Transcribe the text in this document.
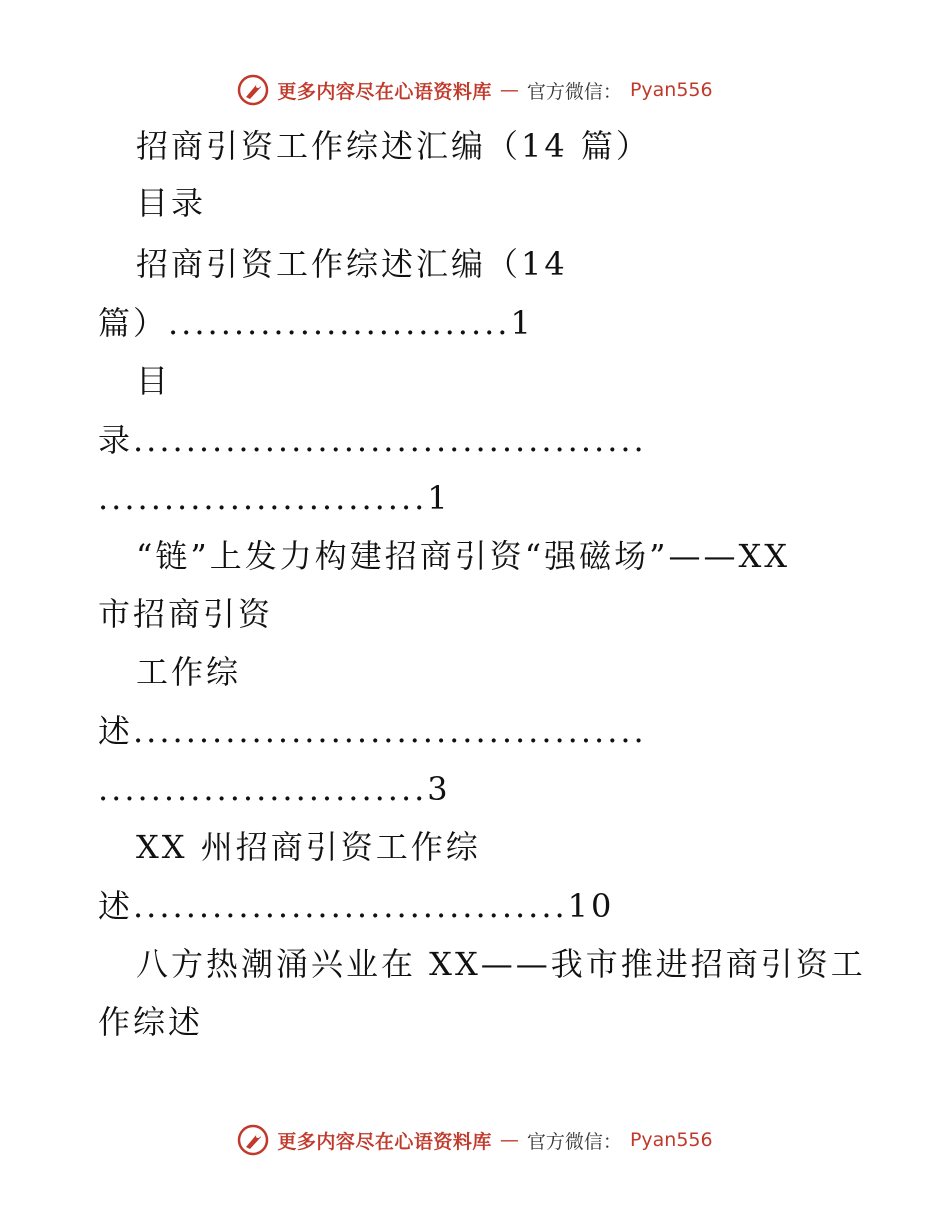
更多内容尽在心语资料库 — 官方微信： Pyan556
招商引资工作综述汇编（14 篇）
目录
招商引资工作综述汇编（14
篇）..........................1
目
录.......................................
.........................1
“链”上发力构建招商引资“强磁场”——XX
市招商引资
工作综
述.......................................
.........................3
XX 州招商引资工作综
述.................................10
八方热潮涌兴业在 XX——我市推进招商引资工
作综述
更多内容尽在心语资料库 — 官方微信： Pyan556
